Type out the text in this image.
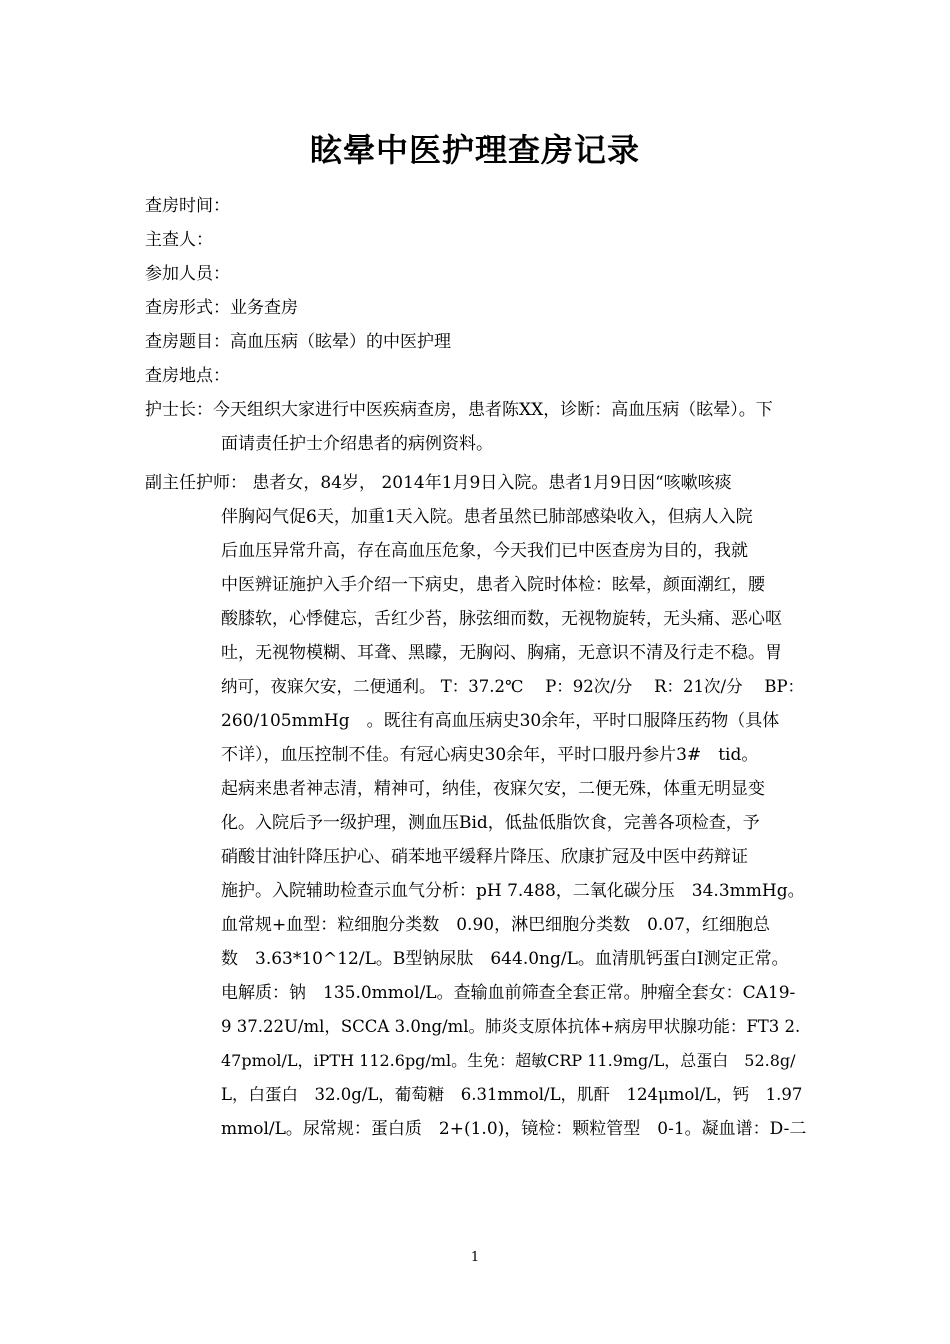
眩晕中医护理查房记录
查房时间：
主查人：
参加人员：
查房形式：业务查房
查房题目：高血压病（眩晕）的中医护理
查房地点：
护士长：今天组织大家进行中医疾病查房，患者陈XX，诊断：高血压病（眩晕）。下
面请责任护士介绍患者的病例资料。
副主任护师： 患者女，84岁， 2014年1月9日入院。患者1月9日因“咳嗽咳痰
伴胸闷气促6天，加重1天入院。患者虽然已肺部感染收入，但病人入院
后血压异常升高，存在高血压危象，今天我们已中医查房为目的，我就
中医辨证施护入手介绍一下病史，患者入院时体检：眩晕，颜面潮红，腰
酸膝软，心悸健忘，舌红少苔，脉弦细而数，无视物旋转，无头痛、恶心呕
吐，无视物模糊、耳聋、黑矇，无胸闷、胸痛，无意识不清及行走不稳。胃
纳可，夜寐欠安，二便通利。 T：37.2℃　 P：92次/分　 R：21次/分　 BP：
260/105mmHg　。既往有高血压病史30余年，平时口服降压药物（具体
不详），血压控制不佳。有冠心病史30余年，平时口服丹参片3#　tid。
起病来患者神志清，精神可，纳佳，夜寐欠安，二便无殊，体重无明显变
化。入院后予一级护理，测血压Bid，低盐低脂饮食，完善各项检查，予
硝酸甘油针降压护心、硝苯地平缓释片降压、欣康扩冠及中医中药辩证
施护。入院辅助检查示血气分析：pH 7.488，二氧化碳分压　34.3mmHg。
血常规+血型：粒细胞分类数　0.90，淋巴细胞分类数　0.07，红细胞总
数　3.63*10^12/L。B型钠尿肽　644.0ng/L。血清肌钙蛋白I测定正常。
电解质：钠　135.0mmol/L。查输血前筛查全套正常。肿瘤全套女：CA19-
9 37.22U/ml，SCCA 3.0ng/ml。肺炎支原体抗体+病房甲状腺功能：FT3 2.
47pmol/L，iPTH 112.6pg/ml。生免：超敏CRP 11.9mg/L，总蛋白　52.8g/
L，白蛋白　32.0g/L，葡萄糖　6.31mmol/L，肌酐　124μmol/L，钙　1.97
mmol/L。尿常规：蛋白质　2+(1.0)，镜检：颗粒管型　0-1。凝血谱：D-二
1
